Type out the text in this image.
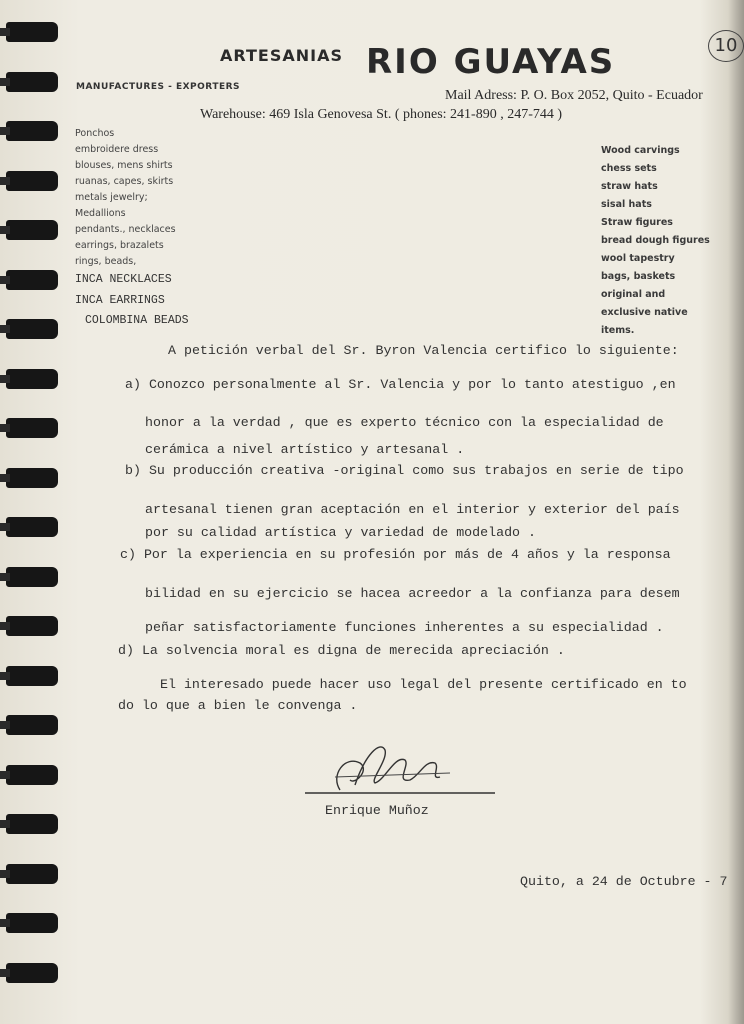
ARTESANIAS RIO GUAYAS	10
MANUFACTURES - EXPORTERS
Mail Adress: P. O. Box 2052, Quito - Ecuador
Warehouse: 469 Isla Genovesa St. ( phones: 241-890 , 247-744 )
Ponchos
embroidere dress
blouses, mens shirts
ruanas, capes, skirts
metals jewelry;
Medallions
pendants., necklaces
earrings, brazalets
rings, beads,
INCA NECKLACES
INCA EARRINGS
COLOMBINA BEADS
Wood carvings
chess sets
straw hats
sisal hats
Straw figures
bread dough figures
wool tapestry
bags, baskets
original and
exclusive native
items.
A petición verbal del Sr. Byron Valencia certifico lo siguiente:
a) Conozco personalmente al Sr. Valencia y por lo tanto atestiguo ,en
honor a la verdad , que es experto técnico con la especialidad de
cerámica a nivel artístico y artesanal .
b) Su producción creativa -original como sus trabajos en serie de tipo
artesanal tienen gran aceptación en el interior y exterior del país
por su calidad artística y variedad de modelado .
c) Por la experiencia en su profesión por más de 4 años y la responsa
bilidad en su ejercicio se hacea acreedor a la confianza para desem
peñar satisfactoriamente funciones inherentes a su especialidad .
d) La solvencia moral es digna de merecida apreciación .
El interesado puede hacer uso legal del presente certificado en to
do lo que a bien le convenga .
Enrique Muñoz
Quito, a 24 de Octubre - 7
